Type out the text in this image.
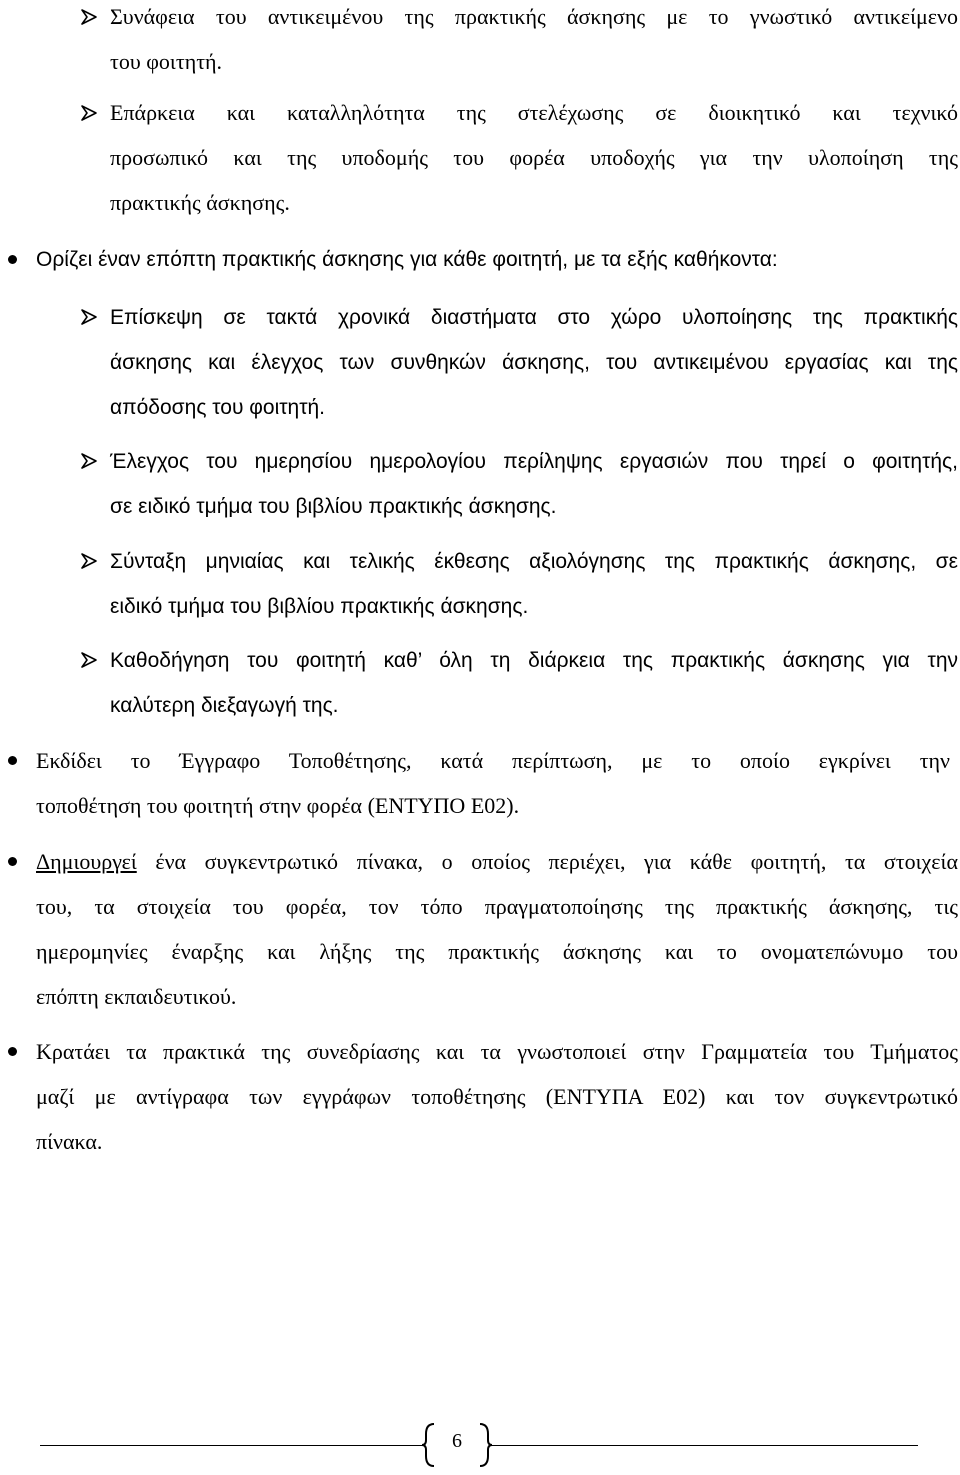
Συνάφεια του αντικειμένου της πρακτικής άσκησης με το γνωστικό αντικείμενο
του φοιτητή.
Επάρκεια και καταλληλότητα της στελέχωσης σε διοικητικό και τεχνικό
προσωπικό και της υποδομής του φορέα υποδοχής για την υλοποίηση της
πρακτικής άσκησης.
Ορίζει έναν επόπτη πρακτικής άσκησης για κάθε φοιτητή, με τα εξής καθήκοντα:
Επίσκεψη σε τακτά χρονικά διαστήματα στο χώρο υλοποίησης της πρακτικής
άσκησης και έλεγχος των συνθηκών άσκησης, του αντικειμένου εργασίας και της
απόδοσης του φοιτητή.
Έλεγχος του ημερησίου ημερολογίου περίληψης εργασιών που τηρεί ο φοιτητής,
σε ειδικό τμήμα του βιβλίου πρακτικής άσκησης.
Σύνταξη μηνιαίας και τελικής έκθεσης αξιολόγησης της πρακτικής άσκησης, σε
ειδικό τμήμα του βιβλίου πρακτικής άσκησης.
Καθοδήγηση του φοιτητή καθ’ όλη τη διάρκεια της πρακτικής άσκησης για την
καλύτερη διεξαγωγή της.
Εκδίδει το Έγγραφο Τοποθέτησης, κατά περίπτωση, με το οποίο εγκρίνει την
τοποθέτηση του φοιτητή στην φορέα (ΕΝΤΥΠΟ Ε02).
Δημιουργεί ένα συγκεντρωτικό πίνακα, ο οποίος περιέχει, για κάθε φοιτητή, τα στοιχεία
του, τα στοιχεία του φορέα, τον τόπο πραγματοποίησης της πρακτικής άσκησης, τις
ημερομηνίες έναρξης και λήξης της πρακτικής άσκησης και το ονοματεπώνυμο του
επόπτη εκπαιδευτικού.
Κρατάει τα πρακτικά της συνεδρίασης και τα γνωστοποιεί στην Γραμματεία του Τμήματος
μαζί με αντίγραφα των εγγράφων τοποθέτησης (ΕΝΤΥΠΑ Ε02) και τον συγκεντρωτικό
πίνακα.
6
